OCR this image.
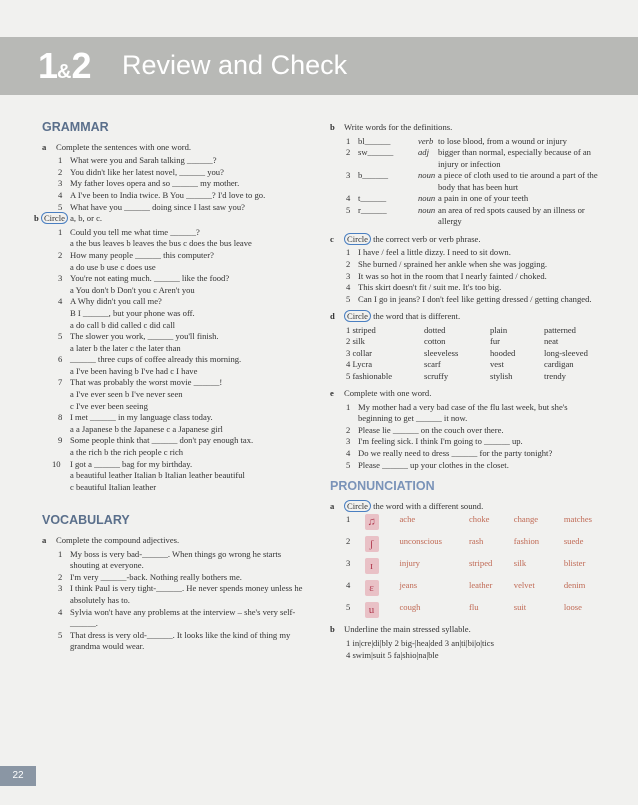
1&2 Review and Check
GRAMMAR

a Complete the sentences with one word.

1 What were you and Sarah talking ______?
2 You didn't like her latest novel, ______ you?
3 My father loves opera and so ______ my mother.
4 A I've been to India twice. B You ______? I'd love to go.
5 What have you ______ doing since I last saw you?

b Circle a, b, or c.

1 Could you tell me what time ______?
a the bus leaves b leaves the bus c does the bus leave
2 How many people ______ this computer?
a do use b use c does use
3 You're not eating much. ______ like the food?
a You don't b Don't you c Aren't you
4 A Why didn't you call me?
B I ______, but your phone was off.
a do call b did called c did call
5 The slower you work, ______ you'll finish.
a later b the later c the later than
6 ______ three cups of coffee already this morning.
a I've been having b I've had c I have
7 That was probably the worst movie ______!
a I've ever seen b I've never seen
c I've ever been seeing
8 I met ______ in my language class today.
a a Japanese b the Japanese c a Japanese girl
9 Some people think that ______ don't pay enough tax.
a the rich b the rich people c rich
10 I got a ______ bag for my birthday.
a beautiful leather Italian b Italian leather beautiful
c beautiful Italian leather
VOCABULARY

a Complete the compound adjectives.

1 My boss is very bad-______. When things go wrong he starts shouting at everyone.
2 I'm very ______-back. Nothing really bothers me.
3 I think Paul is very tight-______. He never spends money unless he absolutely has to.
4 Sylvia won't have any problems at the interview – she's very self-______.
5 That dress is very old-______. It looks like the kind of thing my grandma would wear.

b Write words for the definitions.

1 bl______	verb to lose blood, from a wound or injury
2 sw______	adj bigger than normal, especially because of an injury or infection
3 b______	noun a piece of cloth used to tie around a part of the body that has been hurt
4 t______	noun a pain in one of your teeth
5 r______	noun an area of red spots caused by an illness or allergy

c Circle the correct verb or verb phrase.

1 I have / feel a little dizzy. I need to sit down.
2 She burned / sprained her ankle when she was jogging.
3 It was so hot in the room that I nearly fainted / choked.
4 This skirt doesn't fit / suit me. It's too big.
5 Can I go in jeans? I don't feel like getting dressed / getting changed.

d Circle the word that is different.

1 striped	dotted	plain	patterned
2 silk	cotton	fur	neat
3 collar	sleeveless	hooded	long-sleeved
4 Lycra	scarf	vest	cardigan
5 fashionable	scruffy	stylish	trendy

e Complete with one word.

1 My mother had a very bad case of the flu last week, but she's beginning to get ______ it now.
2 Please lie ______ on the couch over there.
3 I'm feeling sick. I think I'm going to ______ up.
4 Do we really need to dress ______ for the party tonight?
5 Please ______ up your clothes in the closet.
PRONUNCIATION

a Circle the word with a different sound.

1	♫	ache	choke	change	matches
2	ʃ	unconscious	rash	fashion	suede
3	ɪ	injury	striped	silk	blister
4	ɛ	jeans	leather	velvet	denim
5	u	cough	flu	suit	loose

b Underline the main stressed syllable.

1 in|cre|di|bly 2 big-|hea|ded 3 an|ti|bi|o|tics
4 swim|suit 5 fa|shio|na|ble
22
